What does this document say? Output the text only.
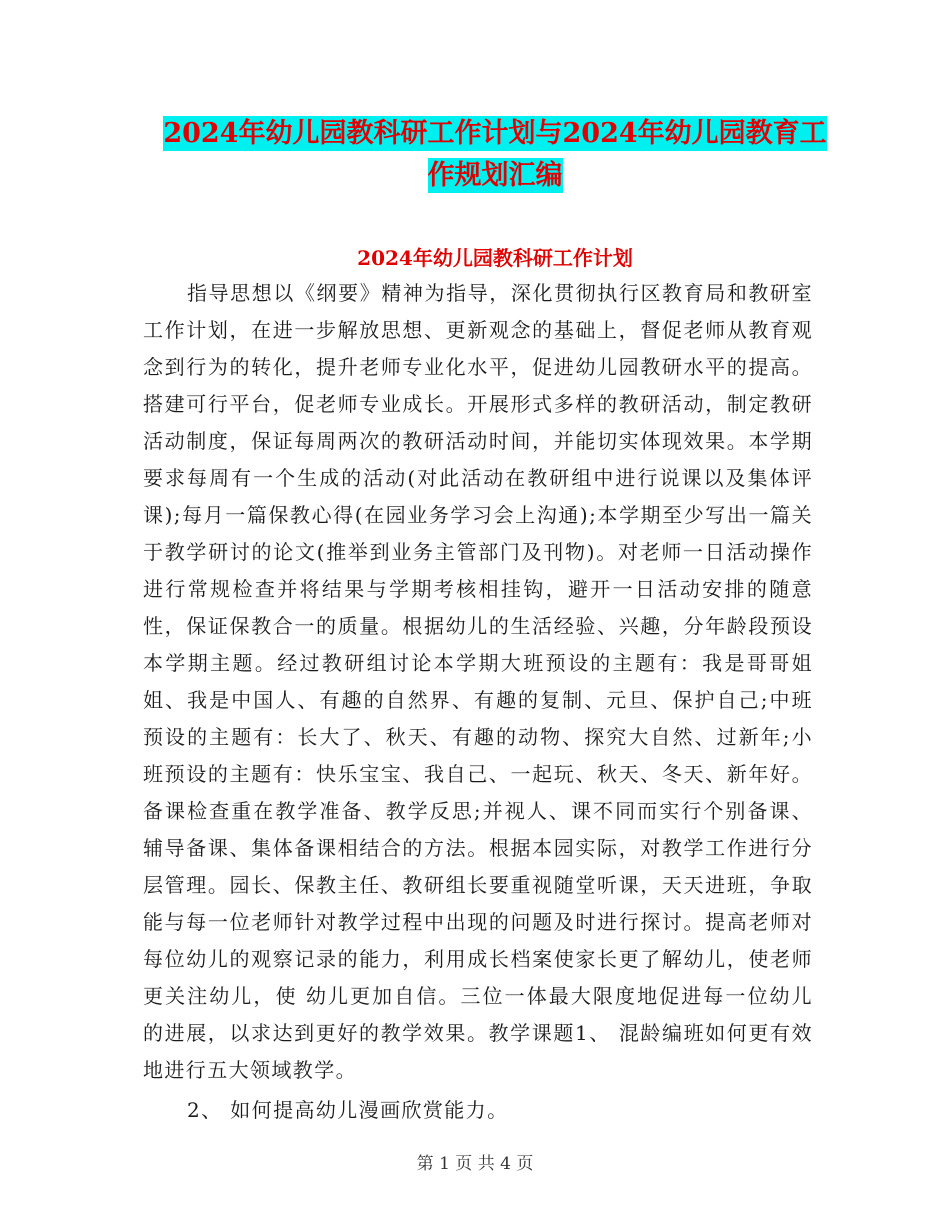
2024年幼儿园教科研工作计划与2024年幼儿园教育工
作规划汇编
2024年幼儿园教科研工作计划

指导思想以《纲要》精神为指导，深化贯彻执行区教育局和教研室工作计划，在进一步解放思想、更新观念的基础上，督促老师从教育观念到行为的转化，提升老师专业化水平，促进幼儿园教研水平的提高。搭建可行平台，促老师专业成长。开展形式多样的教研活动，制定教研活动制度，保证每周两次的教研活动时间，并能切实体现效果。本学期要求每周有一个生成的活动(对此活动在教研组中进行说课以及集体评课);每月一篇保教心得(在园业务学习会上沟通);本学期至少写出一篇关于教学研讨的论文(推举到业务主管部门及刊物)。对老师一日活动操作进行常规检查并将结果与学期考核相挂钩，避开一日活动安排的随意性，保证保教合一的质量。根据幼儿的生活经验、兴趣，分年龄段预设本学期主题。经过教研组讨论本学期大班预设的主题有：我是哥哥姐姐、我是中国人、有趣的自然界、有趣的复制、元旦、保护自己;中班预设的主题有：长大了、秋天、有趣的动物、探究大自然、过新年;小班预设的主题有：快乐宝宝、我自己、一起玩、秋天、冬天、新年好。备课检查重在教学准备、教学反思;并视人、课不同而实行个别备课、辅导备课、集体备课相结合的方法。根据本园实际，对教学工作进行分层管理。园长、保教主任、教研组长要重视随堂听课，天天进班，争取能与每一位老师针对教学过程中出现的问题及时进行探讨。提高老师对每位幼儿的观察记录的能力，利用成长档案使家长更了解幼儿，使老师更关注幼儿，使 幼儿更加自信。三位一体最大限度地促进每一位幼儿的进展，以求达到更好的教学效果。教学课题1、 混龄编班如何更有效地进行五大领域教学。

2、 如何提高幼儿漫画欣赏能力。

第 1 页 共 4 页
